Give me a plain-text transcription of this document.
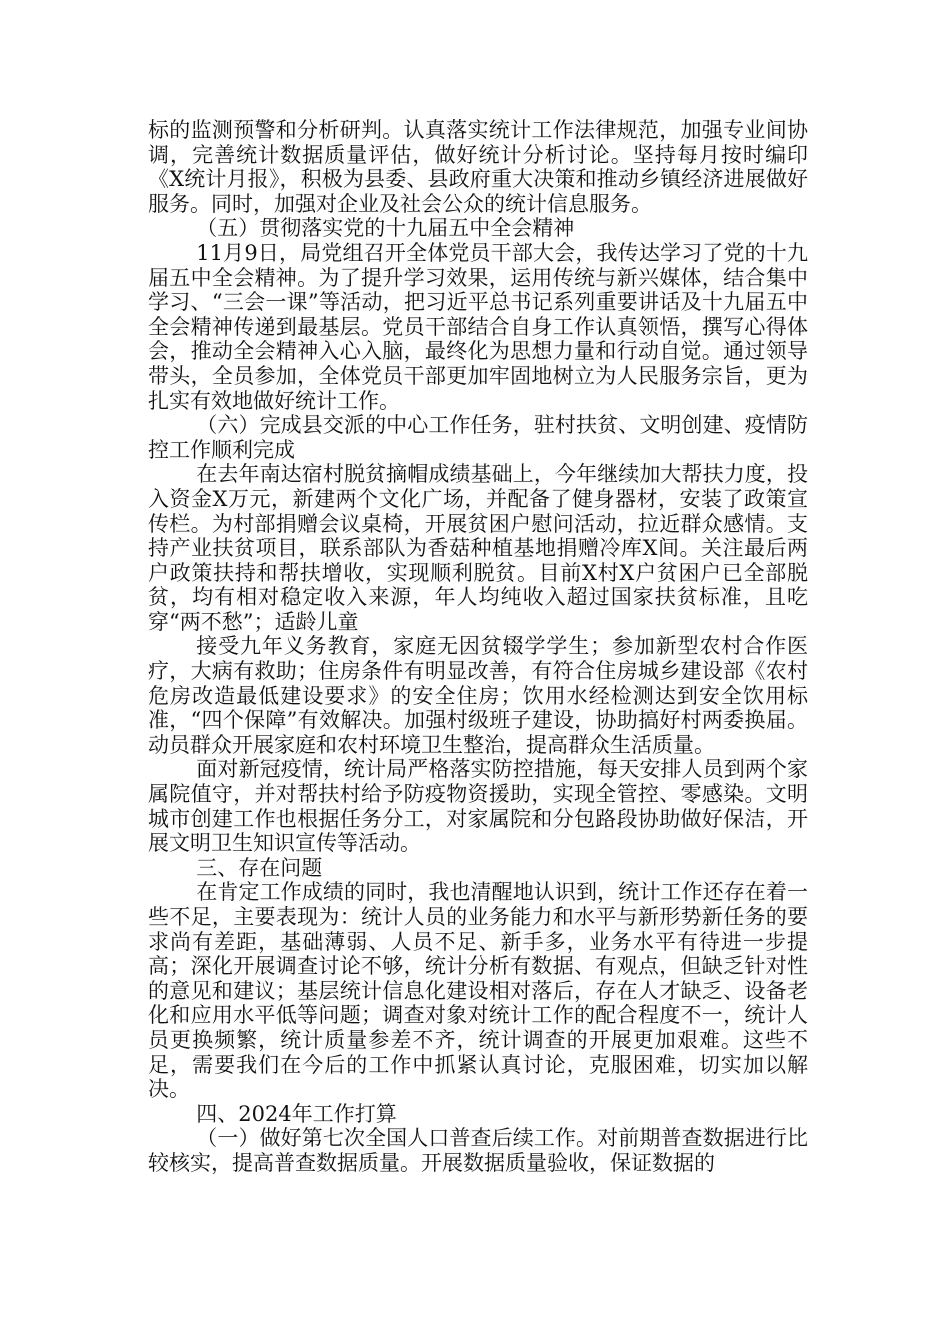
标的监测预警和分析研判。认真落实统计工作法律规范，加强专业间协调，完善统计数据质量评估，做好统计分析讨论。坚持每月按时编印《X统计月报》，积极为县委、县政府重大决策和推动乡镇经济进展做好服务。同时，加强对企业及社会公众的统计信息服务。

（五）贯彻落实党的十九届五中全会精神

11月9日，局党组召开全体党员干部大会，我传达学习了党的十九届五中全会精神。为了提升学习效果，运用传统与新兴媒体，结合集中学习、“三会一课”等活动，把习近平总书记系列重要讲话及十九届五中全会精神传递到最基层。党员干部结合自身工作认真领悟，撰写心得体会，推动全会精神入心入脑，最终化为思想力量和行动自觉。通过领导带头，全员参加，全体党员干部更加牢固地树立为人民服务宗旨，更为扎实有效地做好统计工作。

（六）完成县交派的中心工作任务，驻村扶贫、文明创建、疫情防控工作顺利完成

在去年南达宿村脱贫摘帽成绩基础上，今年继续加大帮扶力度，投入资金X万元，新建两个文化广场，并配备了健身器材，安装了政策宣传栏。为村部捐赠会议桌椅，开展贫困户慰问活动，拉近群众感情。支持产业扶贫项目，联系部队为香菇种植基地捐赠冷库X间。关注最后两户政策扶持和帮扶增收，实现顺利脱贫。目前X村X户贫困户已全部脱贫，均有相对稳定收入来源，年人均纯收入超过国家扶贫标准，且吃穿“两不愁”；适龄儿童

接受九年义务教育，家庭无因贫辍学学生；参加新型农村合作医疗，大病有救助；住房条件有明显改善，有符合住房城乡建设部《农村危房改造最低建设要求》的安全住房；饮用水经检测达到安全饮用标准，“四个保障”有效解决。加强村级班子建设，协助搞好村两委换届。动员群众开展家庭和农村环境卫生整治，提高群众生活质量。

面对新冠疫情，统计局严格落实防控措施，每天安排人员到两个家属院值守，并对帮扶村给予防疫物资援助，实现全管控、零感染。文明城市创建工作也根据任务分工，对家属院和分包路段协助做好保洁，开展文明卫生知识宣传等活动。

三、存在问题

在肯定工作成绩的同时，我也清醒地认识到，统计工作还存在着一些不足，主要表现为：统计人员的业务能力和水平与新形势新任务的要求尚有差距，基础薄弱、人员不足、新手多，业务水平有待进一步提高；深化开展调查讨论不够，统计分析有数据、有观点，但缺乏针对性的意见和建议；基层统计信息化建设相对落后，存在人才缺乏、设备老化和应用水平低等问题；调查对象对统计工作的配合程度不一，统计人员更换频繁，统计质量参差不齐，统计调查的开展更加艰难。这些不足，需要我们在今后的工作中抓紧认真讨论，克服困难，切实加以解决。

四、2024年工作打算

（一）做好第七次全国人口普查后续工作。对前期普查数据进行比较核实，提高普查数据质量。开展数据质量验收，保证数据的
